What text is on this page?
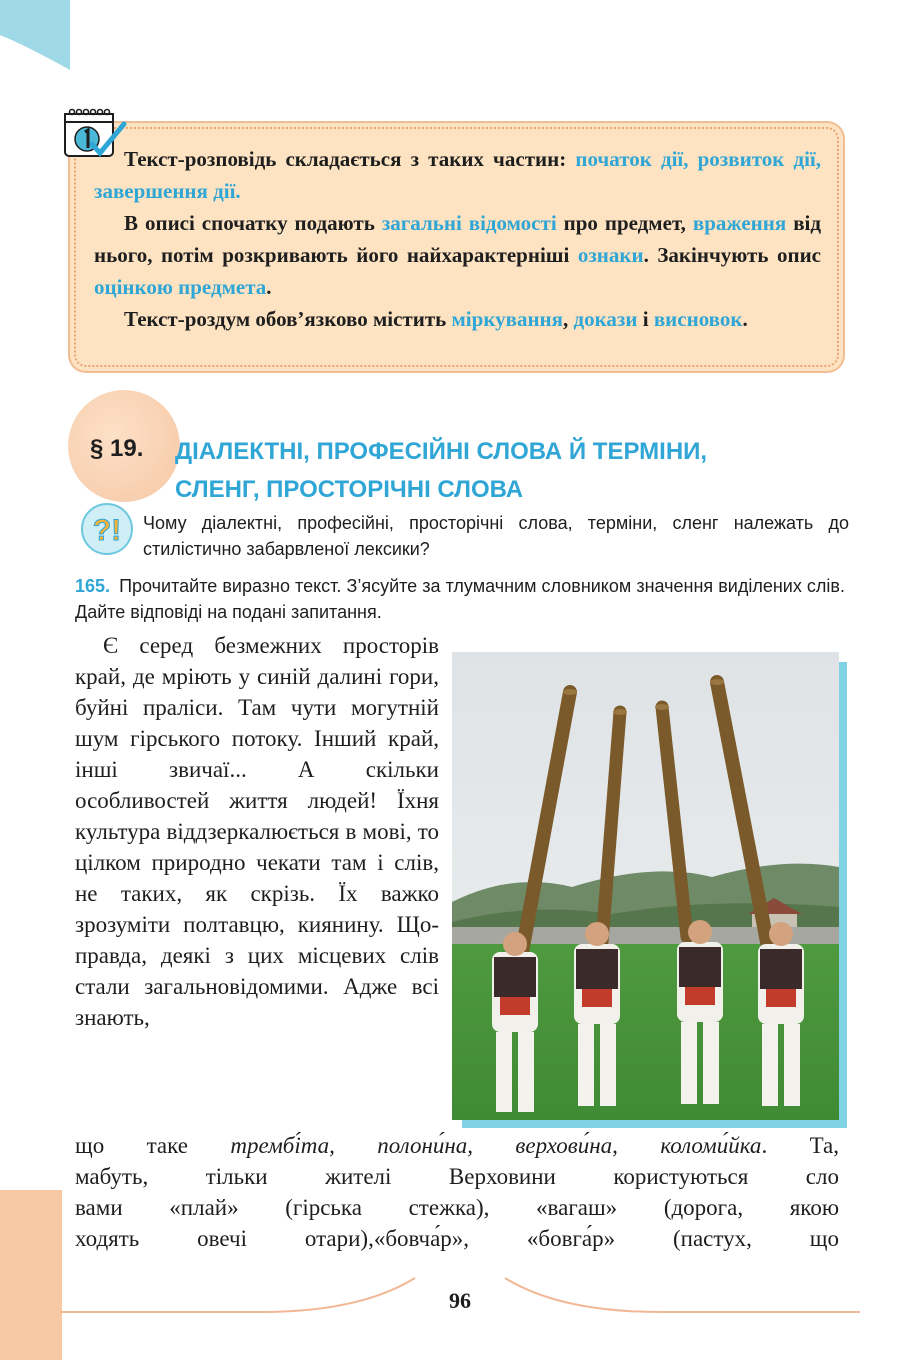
Текст-розповідь складається з таких частин: початок дії, розвиток дії, завершення дії.

В описі спочатку подають загальні відомості про предмет, враження від нього, потім розкривають його найхарактерніші ознаки. Закінчують опис оцінкою предмета.

Текст-роздум обов’язково містить міркування, докази і висновок.

§ 19. ДІАЛЕКТНІ, ПРОФЕСІЙНІ СЛОВА Й ТЕРМІНИ,
СЛЕНГ, ПРОСТОРІЧНІ СЛОВА
?! Чому діалектні, професійні, просторічні слова, терміни, сленг належать до стилістично забарвленої лексики?

165. Прочитайте виразно текст. З’ясуйте за тлумачним словником значення виділених слів. Дайте відповіді на подані запитання.

Є серед безмежних просторів край, де мріють у синій далині гори, буйні праліси. Там чути могутній шум гірського потоку. Інший край, інші звичаї... А скільки особливостей життя людей! Їхня культура віддзеркалюється в мові, то цілком природно чекати там і слів, не таких, як скрізь. Їх важко зрозуміти полтавцю, киянину. Щоправда, деякі з цих місцевих слів стали загальновідомими. Адже всі знають,

що таке трембі́та, полони́на, верхови́на, коломи́йка. Та,
мабуть, тільки жителі Верховини користуються сло
вами «плай» (гірська стежка), «вагаш» (дорога, якою
ходять овечі отари),«бовча́р», «бовга́р» (пастух, що
96
